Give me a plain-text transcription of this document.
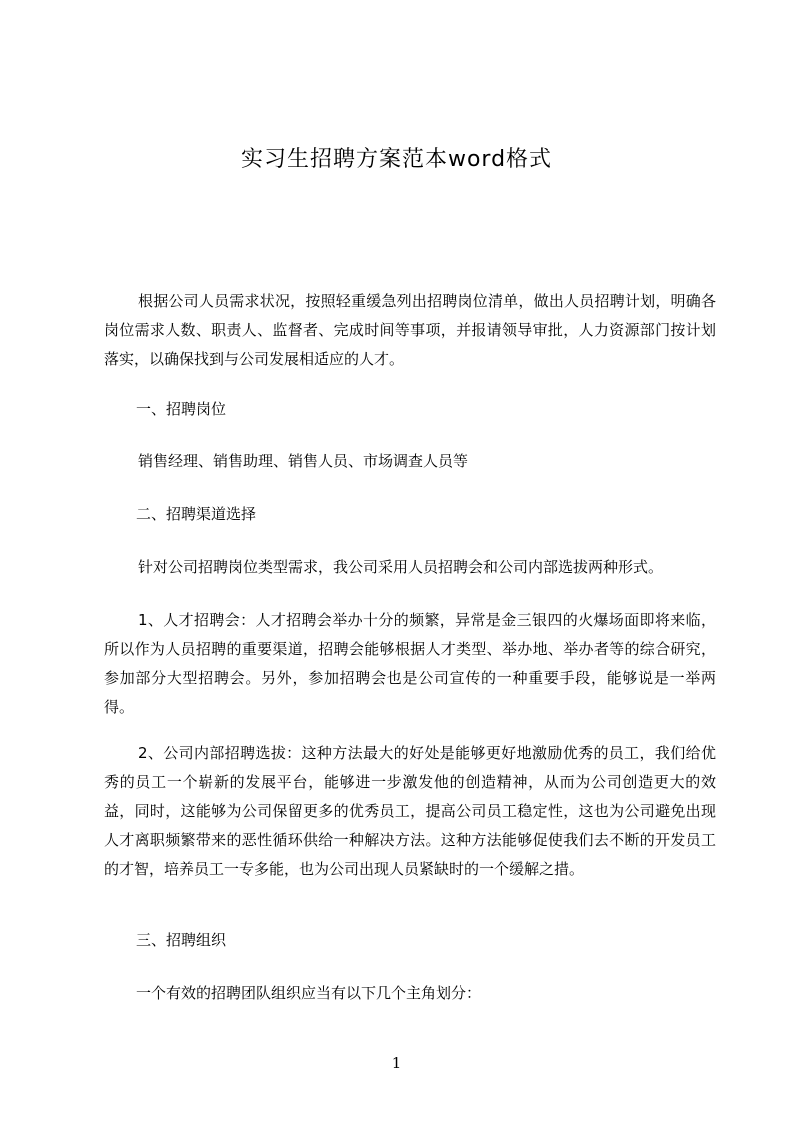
实习生招聘方案范本word格式

根据公司人员需求状况，按照轻重缓急列出招聘岗位清单，做出人员招聘计划，明确各岗位需求人数、职责人、监督者、完成时间等事项，并报请领导审批，人力资源部门按计划落实，以确保找到与公司发展相适应的人才。

一、招聘岗位

销售经理、销售助理、销售人员、市场调查人员等

二、招聘渠道选择

针对公司招聘岗位类型需求，我公司采用人员招聘会和公司内部选拔两种形式。

1、人才招聘会：人才招聘会举办十分的频繁，异常是金三银四的火爆场面即将来临，所以作为人员招聘的重要渠道，招聘会能够根据人才类型、举办地、举办者等的综合研究，参加部分大型招聘会。另外，参加招聘会也是公司宣传的一种重要手段，能够说是一举两得。

2、公司内部招聘选拔：这种方法最大的好处是能够更好地激励优秀的员工，我们给优秀的员工一个崭新的发展平台，能够进一步激发他的创造精神，从而为公司创造更大的效益，同时，这能够为公司保留更多的优秀员工，提高公司员工稳定性，这也为公司避免出现人才离职频繁带来的恶性循环供给一种解决方法。这种方法能够促使我们去不断的开发员工的才智，培养员工一专多能，也为公司出现人员紧缺时的一个缓解之措。

三、招聘组织

一个有效的招聘团队组织应当有以下几个主角划分：

1
